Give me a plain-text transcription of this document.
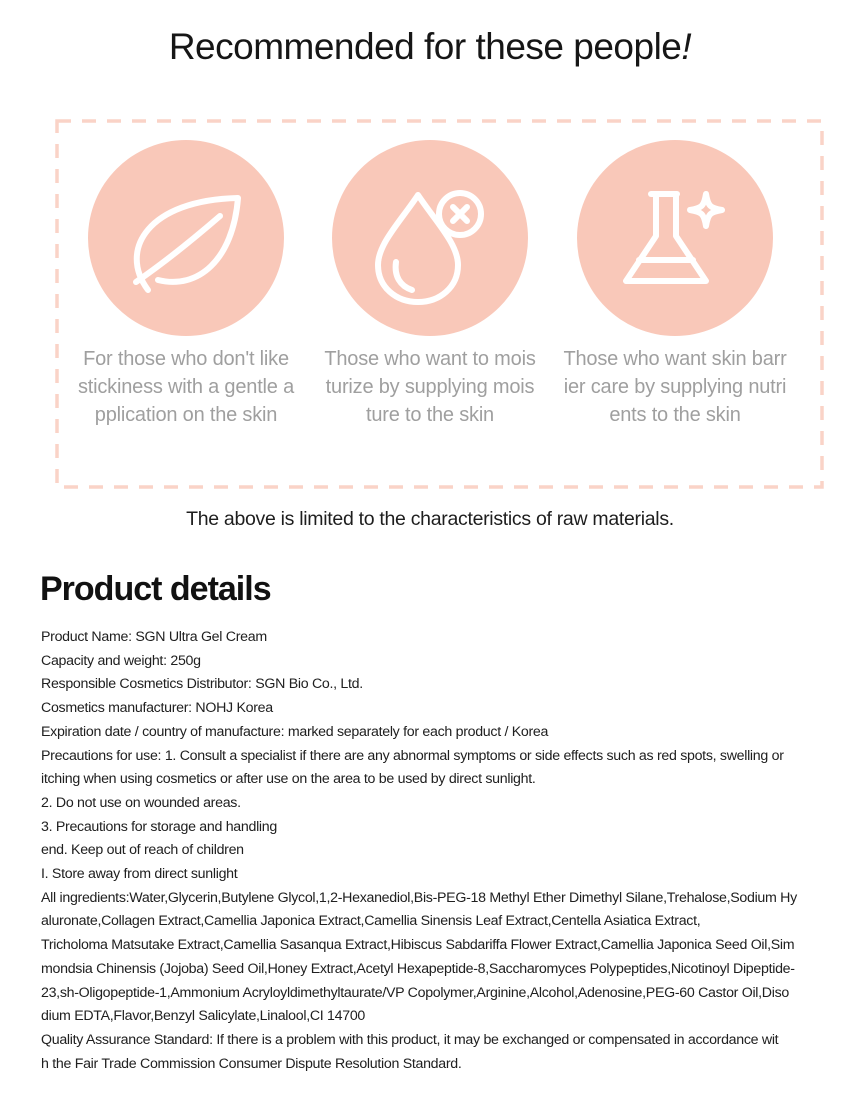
Recommended for these people!
For those who don't like
stickiness with a gentle a
pplication on the skin
Those who want to mois
turize by supplying mois
ture to the skin
Those who want skin barr
ier care by supplying nutri
ents to the skin
The above is limited to the characteristics of raw materials.
Product details
Product Name: SGN Ultra Gel Cream
Capacity and weight: 250g
Responsible Cosmetics Distributor: SGN Bio Co., Ltd.
Cosmetics manufacturer: NOHJ Korea
Expiration date / country of manufacture: marked separately for each product / Korea
Precautions for use: 1. Consult a specialist if there are any abnormal symptoms or side effects such as red spots, swelling or
itching when using cosmetics or after use on the area to be used by direct sunlight.
2. Do not use on wounded areas.
3. Precautions for storage and handling
end. Keep out of reach of children
I. Store away from direct sunlight
All ingredients:Water,Glycerin,Butylene Glycol,1,2-Hexanediol,Bis-PEG-18 Methyl Ether Dimethyl Silane,Trehalose,Sodium Hy
aluronate,Collagen Extract,Camellia Japonica Extract,Camellia Sinensis Leaf Extract,Centella Asiatica Extract,
Tricholoma Matsutake Extract,Camellia Sasanqua Extract,Hibiscus Sabdariffa Flower Extract,Camellia Japonica Seed Oil,Sim
mondsia Chinensis (Jojoba) Seed Oil,Honey Extract,Acetyl Hexapeptide-8,Saccharomyces Polypeptides,Nicotinoyl Dipeptide-
23,sh-Oligopeptide-1,Ammonium Acryloyldimethyltaurate/VP Copolymer,Arginine,Alcohol,Adenosine,PEG-60 Castor Oil,Diso
dium EDTA,Flavor,Benzyl Salicylate,Linalool,CI 14700
Quality Assurance Standard: If there is a problem with this product, it may be exchanged or compensated in accordance wit
h the Fair Trade Commission Consumer Dispute Resolution Standard.
